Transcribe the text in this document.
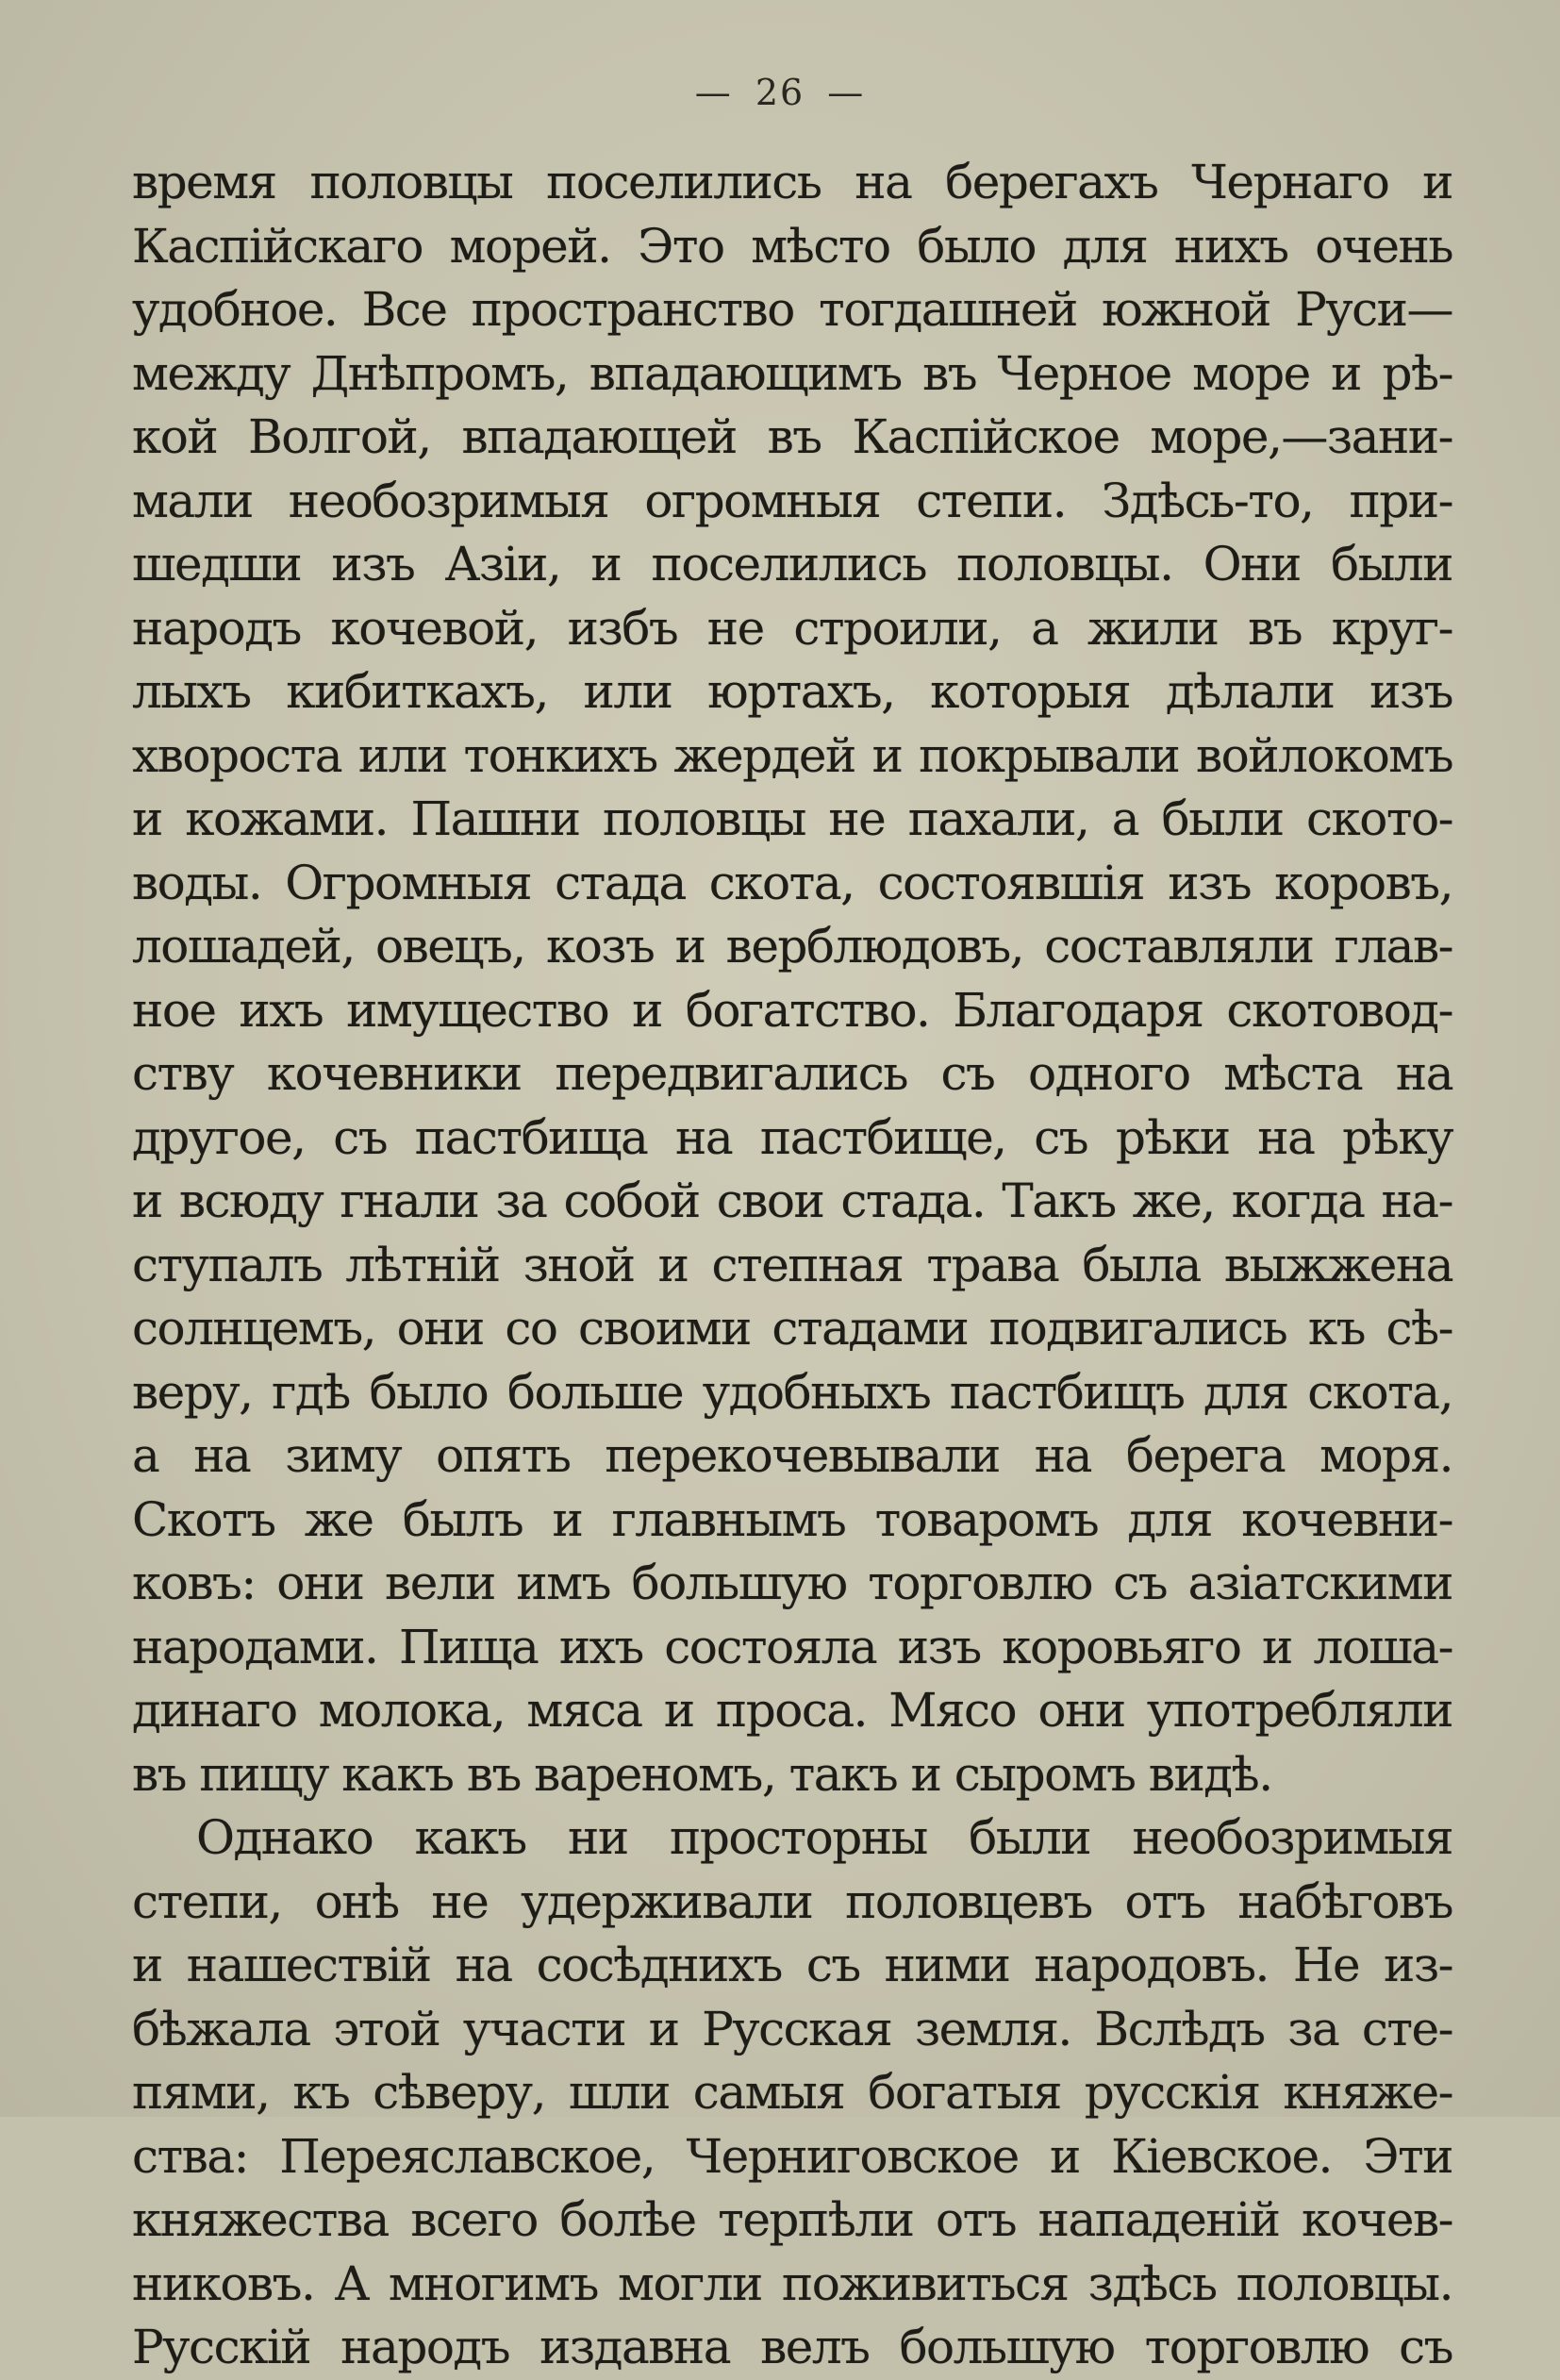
— 26 —
время половцы поселились на берегахъ Чернаго и
Каспійскаго морей. Это мѣсто было для нихъ очень
удобное. Все пространство тогдашней южной Руси—
между Днѣпромъ, впадающимъ въ Черное море и рѣ-
кой Волгой, впадающей въ Каспійское море,—зани-
мали необозримыя огромныя степи. Здѣсь-то, при-
шедши изъ Азіи, и поселились половцы. Они были
народъ кочевой, избъ не строили, а жили въ круг-
лыхъ кибиткахъ, или юртахъ, которыя дѣлали изъ
хвороста или тонкихъ жердей и покрывали войлокомъ
и кожами. Пашни половцы не пахали, а были ското-
воды. Огромныя стада скота, состоявшія изъ коровъ,
лошадей, овецъ, козъ и верблюдовъ, составляли глав-
ное ихъ имущество и богатство. Благодаря скотовод-
ству кочевники передвигались съ одного мѣста на
другое, съ пастбища на пастбище, съ рѣки на рѣку
и всюду гнали за собой свои стада. Такъ же, когда на-
ступалъ лѣтній зной и степная трава была выжжена
солнцемъ, они со своими стадами подвигались къ сѣ-
веру, гдѣ было больше удобныхъ пастбищъ для скота,
а на зиму опять перекочевывали на берега моря.
Скотъ же былъ и главнымъ товаромъ для кочевни-
ковъ: они вели имъ большую торговлю съ азіатскими
народами. Пища ихъ состояла изъ коровьяго и лоша-
динаго молока, мяса и проса. Мясо они употребляли
въ пищу какъ въ вареномъ, такъ и сыромъ видѣ.
Однако какъ ни просторны были необозримыя
степи, онѣ не удерживали половцевъ отъ набѣговъ
и нашествій на сосѣднихъ съ ними народовъ. Не из-
бѣжала этой участи и Русская земля. Вслѣдъ за сте-
пями, къ сѣверу, шли самыя богатыя русскія княже-
ства: Переяславское, Черниговское и Кіевское. Эти
княжества всего болѣе терпѣли отъ нападеній кочев-
никовъ. А многимъ могли поживиться здѣсь половцы.
Русскій народъ издавна велъ большую торговлю съ
